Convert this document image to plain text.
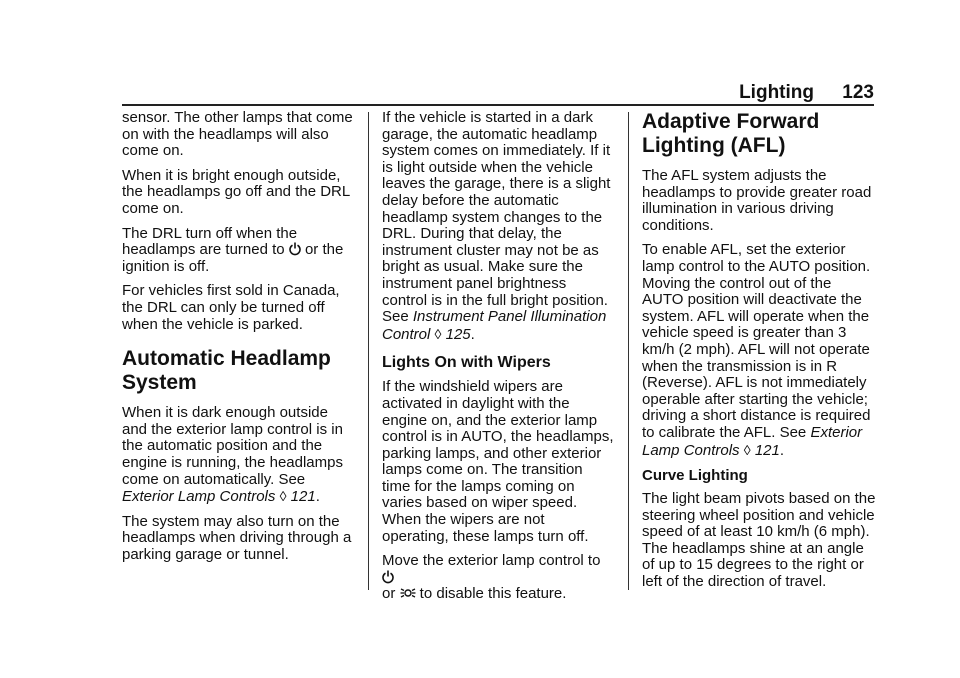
Lighting 123

sensor. The other lamps that come on with the headlamps will also come on.

When it is bright enough outside, the headlamps go off and the DRL come on.

The DRL turn off when the headlamps are turned to
or the ignition is off.

For vehicles first sold in Canada, the DRL can only be turned off when the vehicle is parked.

Automatic Headlamp System

When it is dark enough outside and the exterior lamp control is in the automatic position and the engine is running, the headlamps come on automatically. See Exterior Lamp Controls ◊ 121.

The system may also turn on the headlamps when driving through a parking garage or tunnel.

If the vehicle is started in a dark garage, the automatic headlamp system comes on immediately. If it is light outside when the vehicle leaves the garage, there is a slight delay before the automatic headlamp system changes to the DRL. During that delay, the instrument cluster may not be as bright as usual. Make sure the instrument panel brightness control is in the full bright position. See Instrument Panel Illumination Control ◊ 125.

Lights On with Wipers

If the windshield wipers are activated in daylight with the engine on, and the exterior lamp control is in AUTO, the headlamps, parking lamps, and other exterior lamps come on. The transition time for the lamps coming on varies based on wiper speed. When the wipers are not operating, these lamps turn off.

Move the exterior lamp control to

or
to disable this feature.

Adaptive Forward Lighting (AFL)

The AFL system adjusts the headlamps to provide greater road illumination in various driving conditions.

To enable AFL, set the exterior lamp control to the AUTO position. Moving the control out of the AUTO position will deactivate the system. AFL will operate when the vehicle speed is greater than 3 km/h (2 mph). AFL will not operate when the transmission is in R (Reverse). AFL is not immediately operable after starting the vehicle; driving a short distance is required to calibrate the AFL. See Exterior Lamp Controls ◊ 121.

Curve Lighting

The light beam pivots based on the steering wheel position and vehicle speed of at least 10 km/h (6 mph). The headlamps shine at an angle of up to 15 degrees to the right or left of the direction of travel.
